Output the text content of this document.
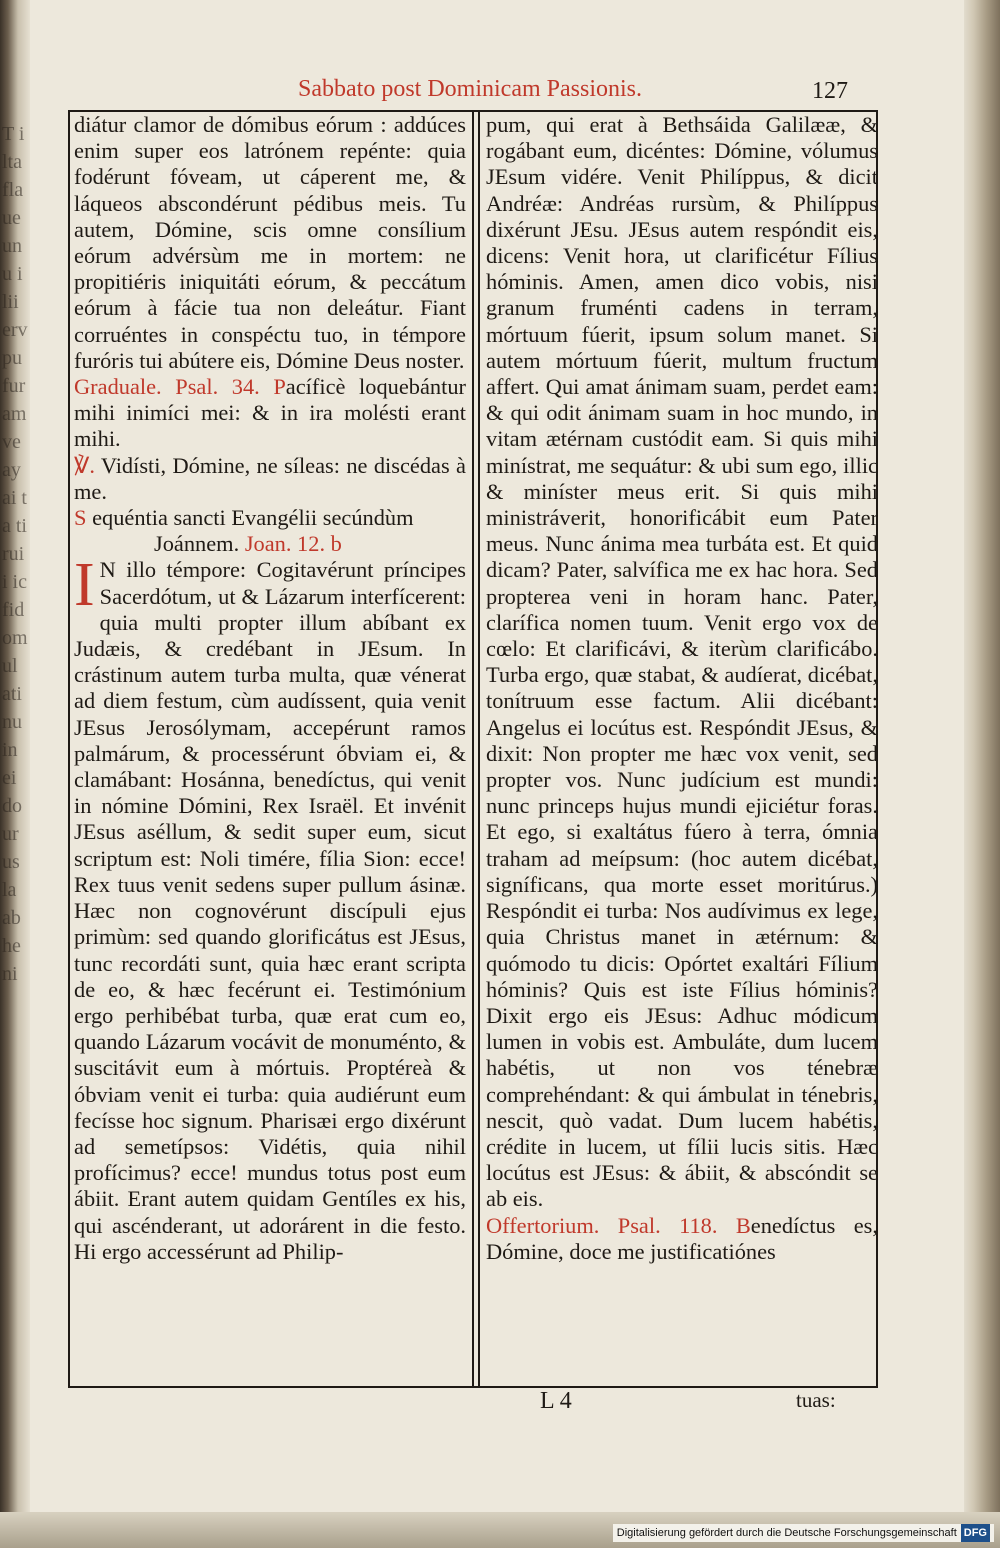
T ilta fla ue un u ilii erv pu fur am ve ay ai ta ti ruii ic fid om ul ati nu in ei do ur us la ab he ni
Sabbato post Dominicam Passionis.	127

diátur clamor de dómibus eórum : addúces enim super eos latrónem repénte: quia fodérunt fóveam, ut cáperent me, & láqueos abscondérunt pédibus meis. Tu autem, Dómine, scis omne consílium eórum advérsùm me in mortem: ne propitiéris iniquitáti eórum, & peccátum eórum à fácie tua non deleátur. Fiant corruéntes in conspéctu tuo, in témpore furóris tui abútere eis, Dómine Deus noster.

Graduale. Psal. 34. Pacíficè loquebántur mihi inimíci mei: & in ira molésti erant mihi.

℣. Vidísti, Dómine, ne síleas: ne discédas à me.

S equéntia sancti Evangélii secúndùm

Joánnem. Joan. 12. b

I N illo témpore: Cogitavérunt príncipes Sacerdótum, ut & Lázarum interfícerent: quia multi propter illum abíbant ex Judæis, & credébant in JEsum. In crástinum autem turba multa, quæ vénerat ad diem festum, cùm audíssent, quia venit JEsus Jerosólymam, accepérunt ramos palmárum, & processérunt óbviam ei, & clamábant: Hosánna, benedíctus, qui venit in nómine Dómini, Rex Israël. Et invénit JEsus aséllum, & sedit super eum, sicut scriptum est: Noli timére, fília Sion: ecce! Rex tuus venit sedens super pullum ásinæ. Hæc non cognovérunt discípuli ejus primùm: sed quando glorificátus est JEsus, tunc recordáti sunt, quia hæc erant scripta de eo, & hæc fecérunt ei. Testimónium ergo perhibébat turba, quæ erat cum eo, quando Lázarum vocávit de monuménto, & suscitávit eum à mórtuis. Proptéreà & óbviam venit ei turba: quia audiérunt eum fecísse hoc signum. Pharisæi ergo dixérunt ad semetípsos: Vidétis, quia nihil profícimus? ecce! mundus totus post eum ábiit. Erant autem quidam Gentíles ex his, qui ascénderant, ut adorárent in die festo. Hi ergo accessérunt ad Philip-

pum, qui erat à Bethsáida Galilææ, & rogábant eum, dicéntes: Dómine, vólumus JEsum vidére. Venit Philíppus, & dicit Andréæ: Andréas rursùm, & Philíppus dixérunt JEsu. JEsus autem respóndit eis, dicens: Venit hora, ut clarificétur Fílius hóminis. Amen, amen dico vobis, nisi granum fruménti cadens in terram, mórtuum fúerit, ipsum solum manet. Si autem mórtuum fúerit, multum fructum affert. Qui amat ánimam suam, perdet eam: & qui odit ánimam suam in hoc mundo, in vitam ætérnam custódit eam. Si quis mihi minístrat, me sequátur: & ubi sum ego, illic & miníster meus erit. Si quis mihi ministráverit, honorificábit eum Pater meus. Nunc ánima mea turbáta est. Et quid dicam? Pater, salvífica me ex hac hora. Sed propterea veni in horam hanc. Pater, clarífica nomen tuum. Venit ergo vox de cœlo: Et clarificávi, & iterùm clarificábo. Turba ergo, quæ stabat, & audíerat, dicébat, tonítruum esse factum. Alii dicébant: Angelus ei locútus est. Respóndit JEsus, & dixit: Non propter me hæc vox venit, sed propter vos. Nunc judícium est mundi: nunc princeps hujus mundi ejiciétur foras. Et ego, si exaltátus fúero à terra, ómnia traham ad meípsum: (hoc autem dicébat, signíficans, qua morte esset moritúrus.) Respóndit ei turba: Nos audívimus ex lege, quia Christus manet in ætérnum: & quómodo tu dicis: Opórtet exaltári Fílium hóminis? Quis est iste Fílius hóminis? Dixit ergo eis JEsus: Adhuc módicum lumen in vobis est. Ambuláte, dum lucem habétis, ut non vos ténebræ comprehéndant: & qui ámbulat in ténebris, nescit, quò vadat. Dum lucem habétis, crédite in lucem, ut fílii lucis sitis. Hæc locútus est JEsus: & ábiit, & abscóndit se ab eis.

Offertorium. Psal. 118. Benedíctus es, Dómine, doce me justificatiónes

L 4	tuas:
Digitalisierung gefördert durch die Deutsche Forschungsgemeinschaft DFG
